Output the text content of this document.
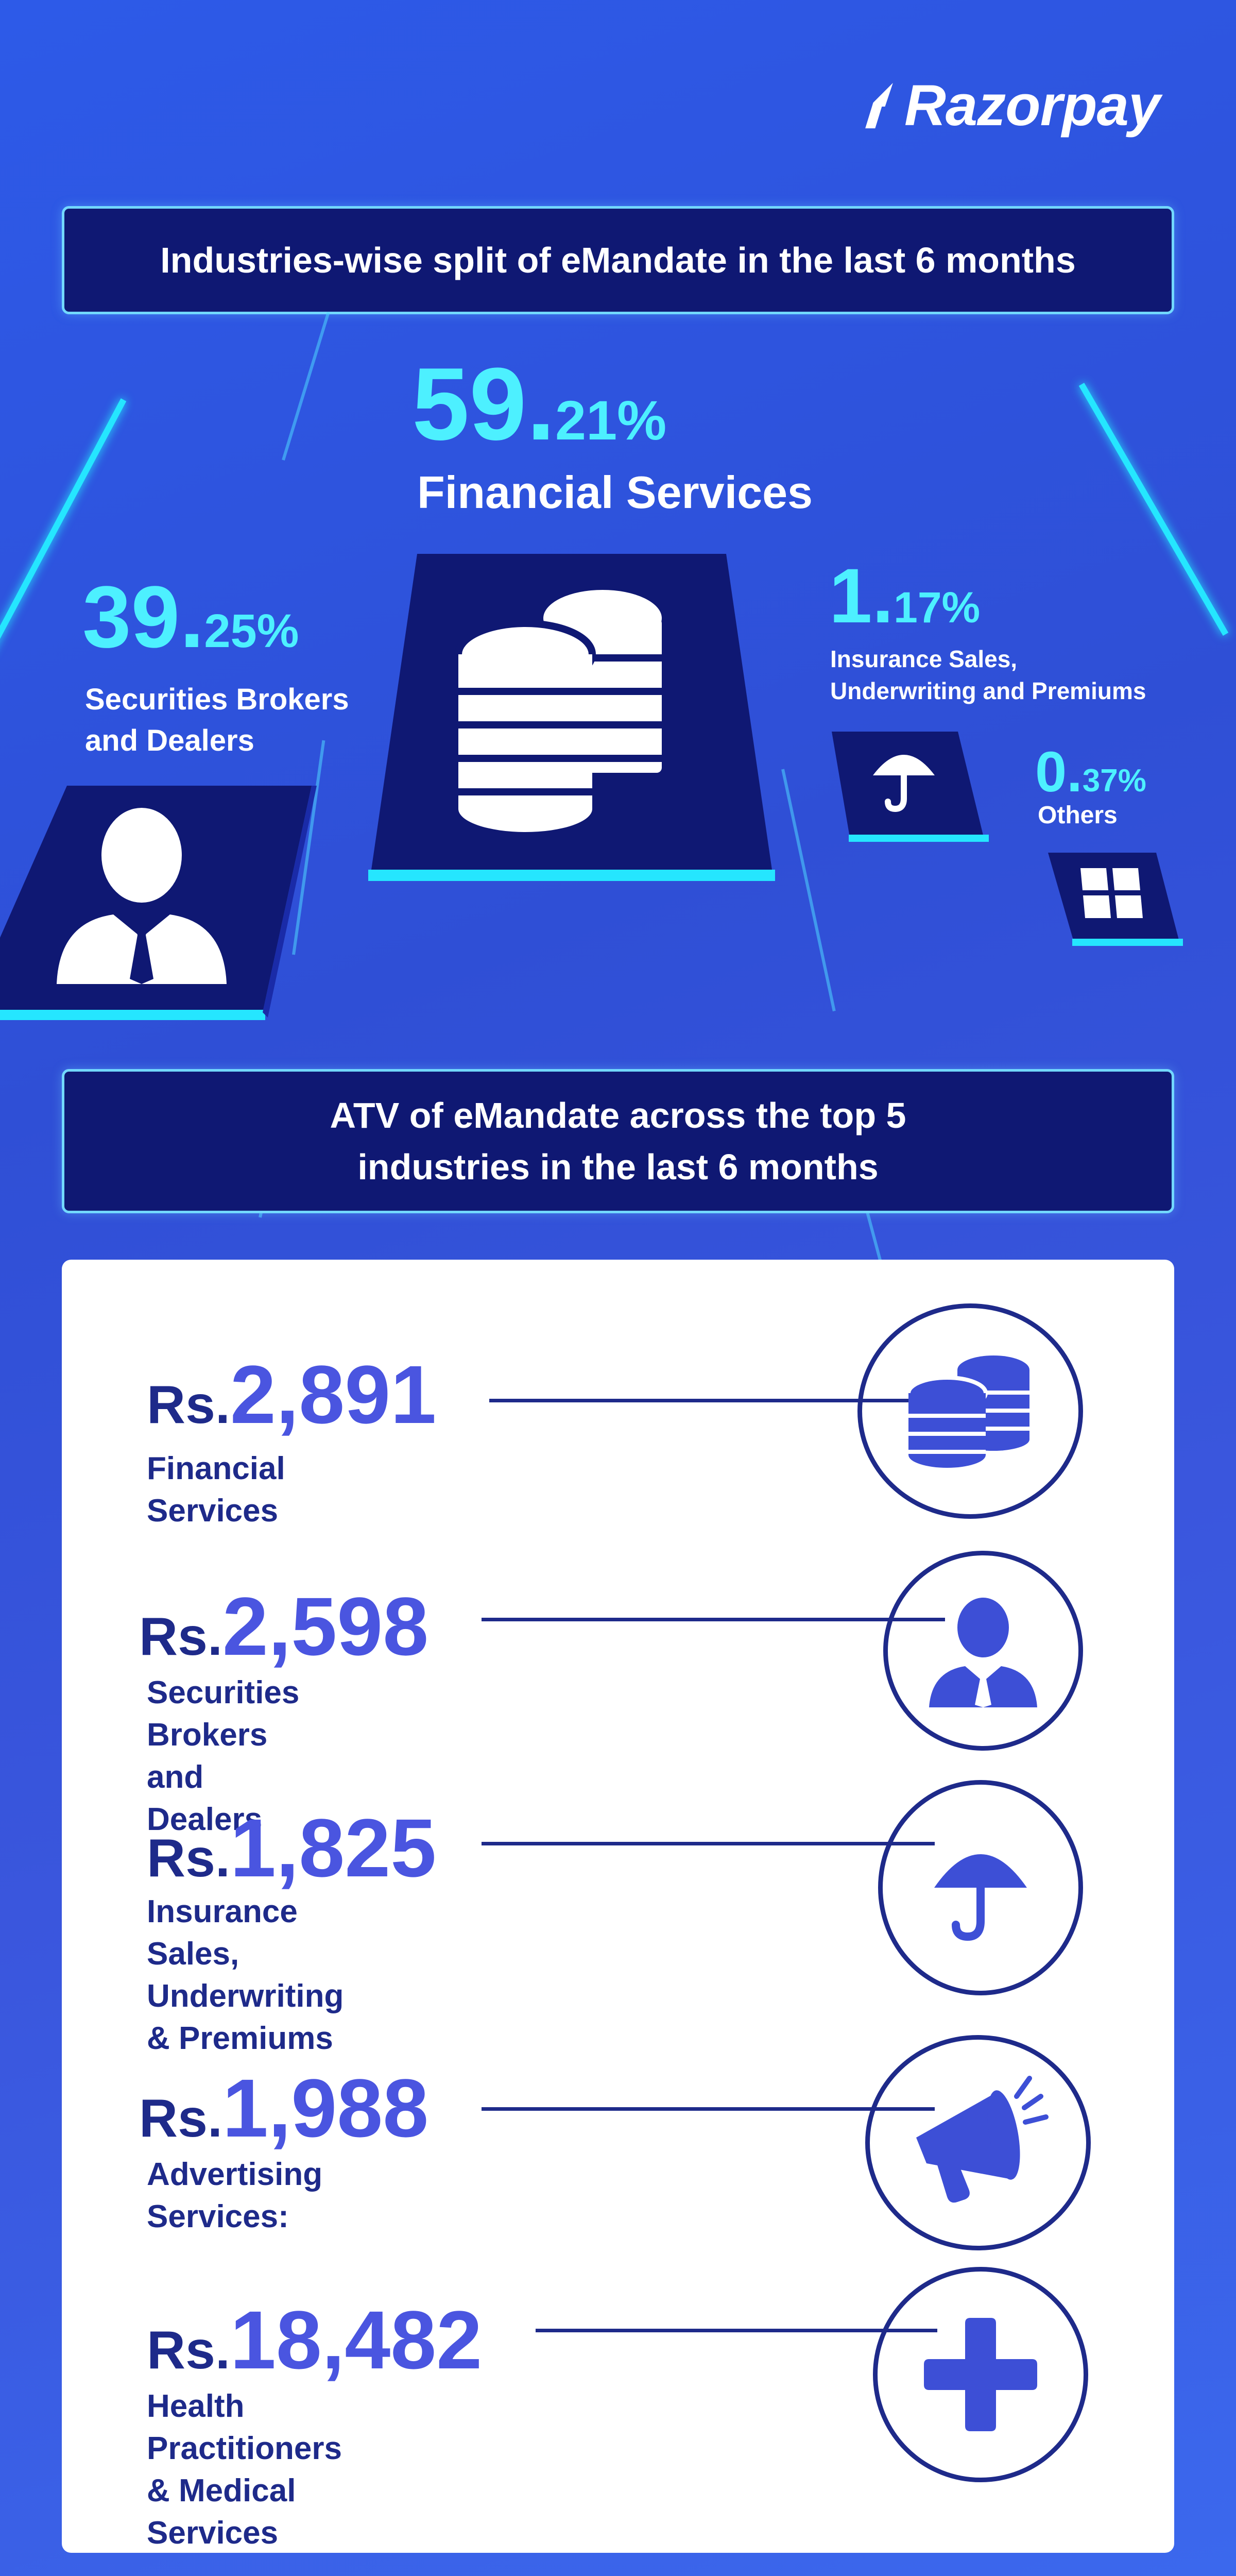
Razorpay
Industries-wise split of eMandate in the last 6 months
59.21%
Financial Services
39.25%
Securities Brokers
and Dealers
1.17%
Insurance Sales,
Underwriting and Premiums
0.37%
Others
ATV of eMandate across the top 5
industries in the last 6 months
Rs.2,891
Financial Services
Rs.2,598
Securities Brokers and Dealers
Rs.1,825
Insurance Sales,
Underwriting & Premiums
Rs.1,988
Advertising Services:
Rs.18,482
Health Practitioners
& Medical Services
